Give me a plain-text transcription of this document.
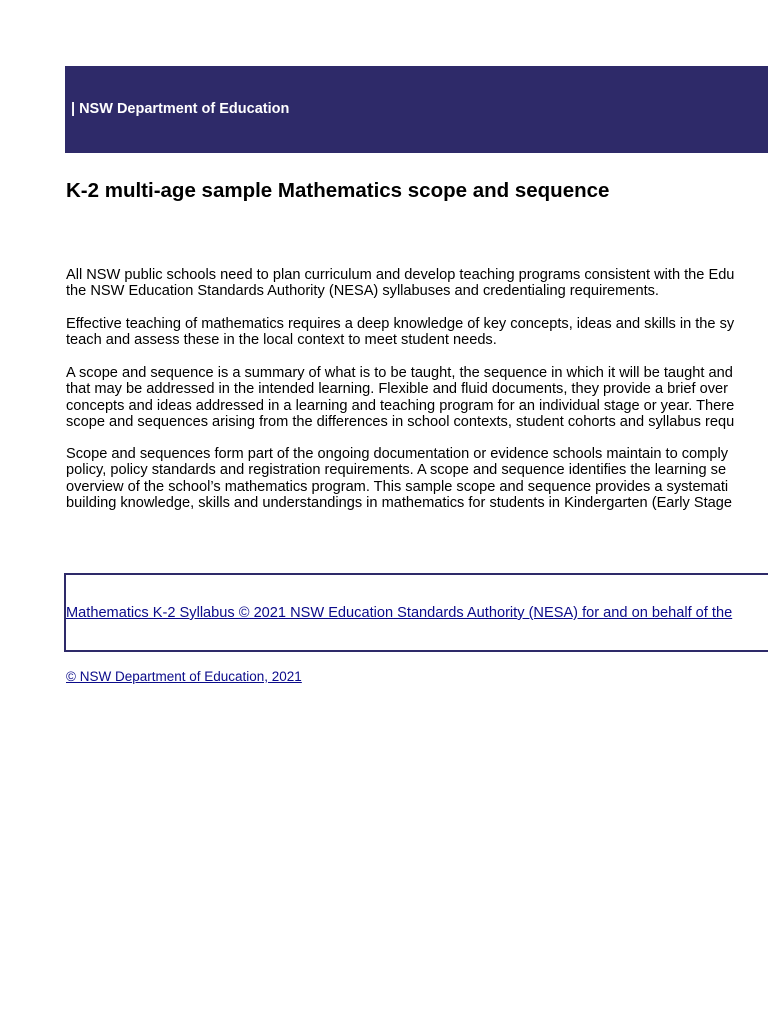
| NSW Department of Education
K-2 multi-age sample Mathematics scope and sequence

All NSW public schools need to plan curriculum and develop teaching programs consistent with the Edu
the NSW Education Standards Authority (NESA) syllabuses and credentialing requirements.

Effective teaching of mathematics requires a deep knowledge of key concepts, ideas and skills in the sy
teach and assess these in the local context to meet student needs.

A scope and sequence is a summary of what is to be taught, the sequence in which it will be taught and
that may be addressed in the intended learning. Flexible and fluid documents, they provide a brief over
concepts and ideas addressed in a learning and teaching program for an individual stage or year. There
scope and sequences arising from the differences in school contexts, student cohorts and syllabus requ

Scope and sequences form part of the ongoing documentation or evidence schools maintain to comply
policy, policy standards and registration requirements. A scope and sequence identifies the learning se
overview of the school’s mathematics program. This sample scope and sequence provides a systemati
building knowledge, skills and understandings in mathematics for students in Kindergarten (Early Stage

Mathematics K-2 Syllabus © 2021 NSW Education Standards Authority (NESA) for and on behalf of the
© NSW Department of Education, 2021
